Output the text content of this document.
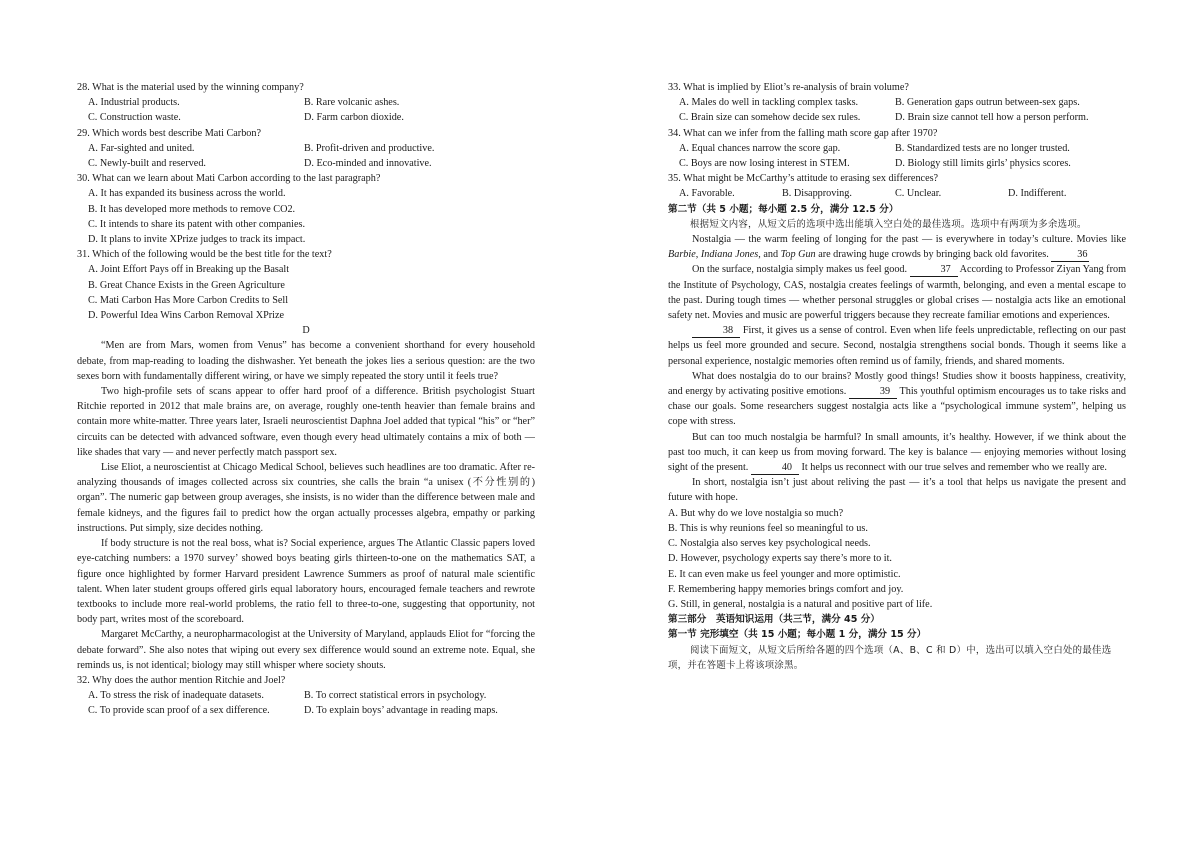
28. What is the material used by the winning company?

A. Industrial products.	B. Rare volcanic ashes.
C. Construction waste.	D. Farm carbon dioxide.

29. Which words best describe Mati Carbon?

A. Far-sighted and united.	B. Profit-driven and productive.
C. Newly-built and reserved.	D. Eco-minded and innovative.

30. What can we learn about Mati Carbon according to the last paragraph?

A. It has expanded its business across the world.
B. It has developed more methods to remove CO2.
C. It intends to share its patent with other companies.
D. It plans to invite XPrize judges to track its impact.

31. Which of the following would be the best title for the text?

A. Joint Effort Pays off in Breaking up the Basalt
B. Great Chance Exists in the Green Agriculture
C. Mati Carbon Has More Carbon Credits to Sell
D. Powerful Idea Wins Carbon Removal XPrize
D

“Men are from Mars, women from Venus” has become a convenient shorthand for every household debate, from map-reading to loading the dishwasher. Yet beneath the jokes lies a serious question: are the two sexes born with fundamentally different wiring, or have we simply repeated the story until it feels true?

Two high-profile sets of scans appear to offer hard proof of a difference. British psychologist Stuart Ritchie reported in 2012 that male brains are, on average, roughly one-tenth heavier than female brains and contain more white-matter. Three years later, Israeli neuroscientist Daphna Joel added that typical “his” or “her” circuits can be detected with advanced software, even though every head ultimately contains a mix of both — like shades that vary — and never perfectly match passport sex.

Lise Eliot, a neuroscientist at Chicago Medical School, believes such headlines are too dramatic. After re-analyzing thousands of images collected across six countries, she calls the brain “a unisex (不分性别的) organ”. The numeric gap between group averages, she insists, is no wider than the difference between male and female kidneys, and the figures fail to predict how the organ actually processes algebra, empathy or parking instructions. Put simply, size decides nothing.

If body structure is not the real boss, what is? Social experience, argues The Atlantic Classic papers loved eye-catching numbers: a 1970 survey’ showed boys beating girls thirteen-to-one on the mathematics SAT, a figure once highlighted by former Harvard president Lawrence Summers as proof of natural male scientific talent. When later student groups offered girls equal laboratory hours, encouraged female teachers and rewrote textbooks to include more real-world problems, the ratio fell to three-to-one, suggesting that opportunity, not body part, writes most of the scoreboard.

Margaret McCarthy, a neuropharmacologist at the University of Maryland, applauds Eliot for “forcing the debate forward”. She also notes that wiping out every sex difference would sound an extreme note. Equal, she reminds us, is not identical; biology may still whisper where society shouts.

32. Why does the author mention Ritchie and Joel?

A. To stress the risk of inadequate datasets.	B. To correct statistical errors in psychology.
C. To provide scan proof of a sex difference.	D. To explain boys’ advantage in reading maps.

33. What is implied by Eliot’s re-analysis of brain volume?

A. Males do well in tackling complex tasks.	B. Generation gaps outrun between-sex gaps.
C. Brain size can somehow decide sex rules.	D. Brain size cannot tell how a person perform.

34. What can we infer from the falling math score gap after 1970?

A. Equal chances narrow the score gap.	B. Standardized tests are no longer trusted.
C. Boys are now losing interest in STEM.	D. Biology still limits girls’ physics scores.

35. What might be McCarthy’s attitude to erasing sex differences?

A. Favorable.	B. Disapproving.	C. Unclear.	D. Indifferent.

第二节（共 5 小题；每小题 2.5 分，满分 12.5 分）

根据短文内容，从短文后的选项中选出能填入空白处的最佳选项。选项中有两项为多余选项。

Nostalgia — the warm feeling of longing for the past — is everywhere in today’s culture. Movies like Barbie, Indiana Jones, and Top Gun are drawing huge crowds by bringing back old favorites.	36

On the surface, nostalgia simply makes us feel good.	37 According to Professor Ziyan Yang from the Institute of Psychology, CAS, nostalgia creates feelings of warmth, belonging, and even a mental escape to the past. During tough times — whether personal struggles or global crises — nostalgia acts like an emotional safety net. Movies and music are powerful triggers because they recreate familiar emotions and experiences.

38 First, it gives us a sense of control. Even when life feels unpredictable, reflecting on our past helps us feel more grounded and secure. Second, nostalgia strengthens social bonds. Though it seems like a personal experience, nostalgic memories often remind us of family, friends, and shared moments.

What does nostalgia do to our brains? Mostly good things! Studies show it boosts happiness, creativity, and energy by activating positive emotions.	39 This youthful optimism encourages us to take risks and chase our goals. Some researchers suggest nostalgia acts like a “psychological immune system”, helping us cope with stress.

But can too much nostalgia be harmful? In small amounts, it’s healthy. However, if we think about the past too much, it can keep us from moving forward. The key is balance — enjoying memories without losing sight of the present.	40 It helps us reconnect with our true selves and remember who we really are.

In short, nostalgia isn’t just about reliving the past — it’s a tool that helps us navigate the present and future with hope.

A. But why do we love nostalgia so much?
B. This is why reunions feel so meaningful to us.
C. Nostalgia also serves key psychological needs.
D. However, psychology experts say there’s more to it.
E. It can even make us feel younger and more optimistic.
F. Remembering happy memories brings comfort and joy.
G. Still, in general, nostalgia is a natural and positive part of life.

第三部分　英语知识运用（共三节，满分 45 分）

第一节 完形填空（共 15 小题；每小题 1 分，满分 15 分）

阅读下面短文，从短文后所给各题的四个选项（A、B、C 和 D）中，选出可以填入空白处的最佳选项，并在答题卡上将该项涂黑。
